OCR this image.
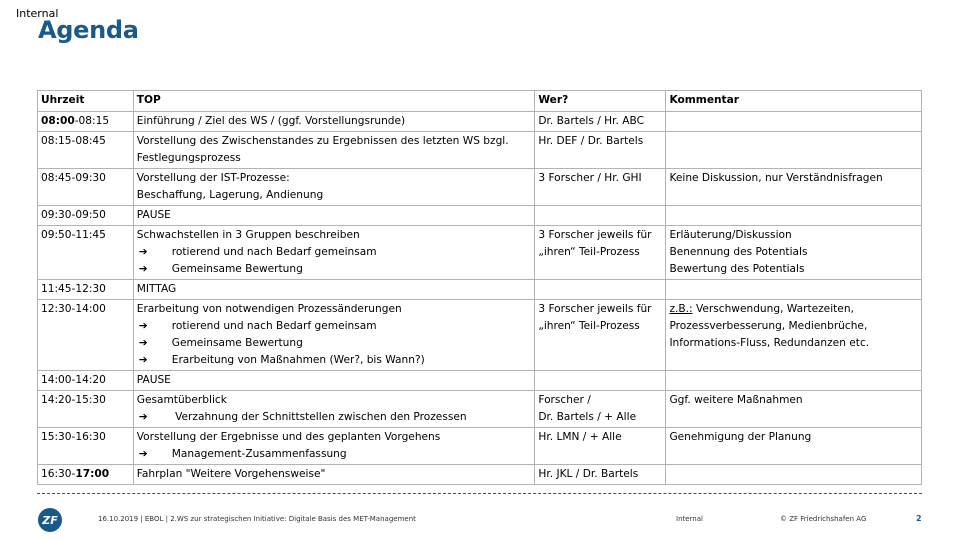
Internal
Agenda
Uhrzeit	TOP	Wer?	Kommentar
08:00-08:15	Einführung / Ziel des WS / (ggf. Vorstellungsrunde)	Dr. Bartels / Hr. ABC	

08:15-08:45	Vorstellung des Zwischenstandes zu Ergebnissen des letzten WS bzgl.
Festlegungsprozess	Hr. DEF / Dr. Bartels	

08:45-09:30	Vorstellung der IST-Prozesse:
Beschaffung, Lagerung, Andienung	3 Forscher / Hr. GHI	Keine Diskussion, nur Verständnisfragen

09:30-09:50	PAUSE		

09:50-11:45	Schwachstellen in 3 Gruppen beschreiben
➔ rotierend und nach Bedarf gemeinsam
➔ Gemeinsame Bewertung	3 Forscher jeweils für
„ihren“ Teil-Prozess	Erläuterung/Diskussion
Benennung des Potentials
Bewertung des Potentials

11:45-12:30	MITTAG		

12:30-14:00	Erarbeitung von notwendigen Prozessänderungen
➔ rotierend und nach Bedarf gemeinsam
➔ Gemeinsame Bewertung
➔ Erarbeitung von Maßnahmen (Wer?, bis Wann?)	3 Forscher jeweils für
„ihren“ Teil-Prozess	z.B.: Verschwendung, Wartezeiten,
Prozessverbesserung, Medienbrüche,
Informations-Fluss, Redundanzen etc.

14:00-14:20	PAUSE		

14:20-15:30	Gesamtüberblick
➔ Verzahnung der Schnittstellen zwischen den Prozessen	Forscher /
Dr. Bartels / + Alle	Ggf. weitere Maßnahmen

15:30-16:30	Vorstellung der Ergebnisse und des geplanten Vorgehens
➔ Management-Zusammenfassung	Hr. LMN / + Alle	Genehmigung der Planung

16:30-17:00	Fahrplan "Weitere Vorgehensweise"	Hr. JKL / Dr. Bartels	

ZF	16.10.2019 | EBOL | 2.WS zur strategischen Initiative: Digitale Basis des MET-Management	Internal	© ZF Friedrichshafen AG	2
